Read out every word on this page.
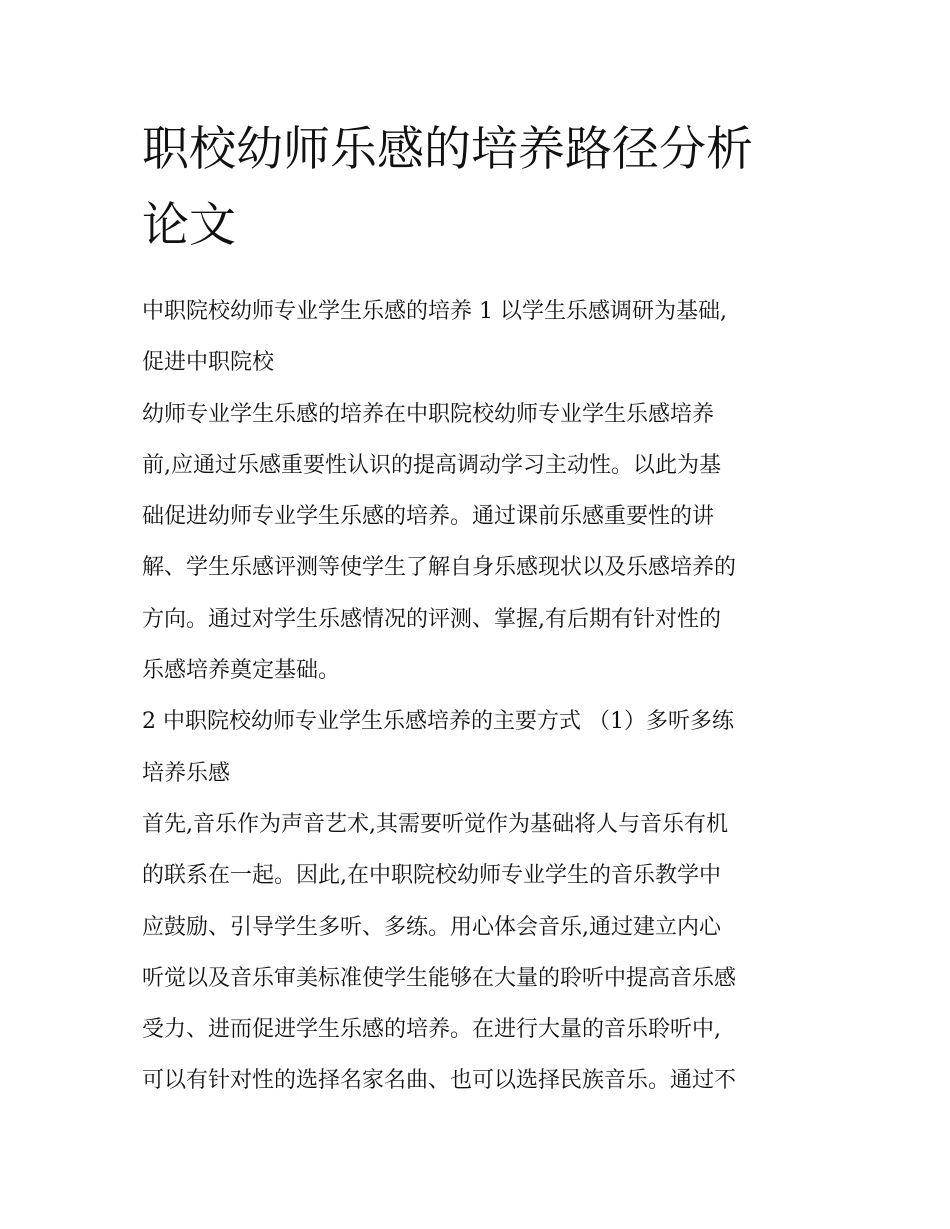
职校幼师乐感的培养路径分析
论文

中职院校幼师专业学生乐感的培养 1 以学生乐感调研为基础,

促进中职院校

幼师专业学生乐感的培养在中职院校幼师专业学生乐感培养

前,应通过乐感重要性认识的提高调动学习主动性。以此为基

础促进幼师专业学生乐感的培养。通过课前乐感重要性的讲

解、学生乐感评测等使学生了解自身乐感现状以及乐感培养的

方向。通过对学生乐感情况的评测、掌握,有后期有针对性的

乐感培养奠定基础。

2 中职院校幼师专业学生乐感培养的主要方式 （1）多听多练

培养乐感

首先,音乐作为声音艺术,其需要听觉作为基础将人与音乐有机

的联系在一起。因此,在中职院校幼师专业学生的音乐教学中

应鼓励、引导学生多听、多练。用心体会音乐,通过建立内心

听觉以及音乐审美标准使学生能够在大量的聆听中提高音乐感

受力、进而促进学生乐感的培养。在进行大量的音乐聆听中,

可以有针对性的选择名家名曲、也可以选择民族音乐。通过不
